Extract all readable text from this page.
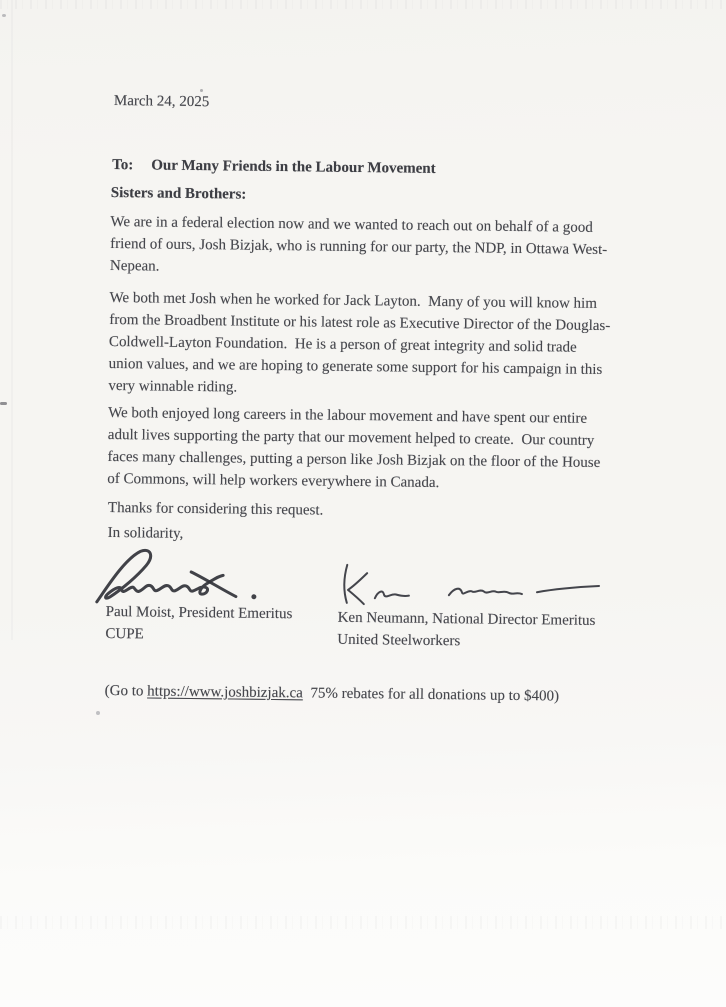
March 24, 2025
To: Our Many Friends in the Labour Movement
Sisters and Brothers:
We are in a federal election now and we wanted to reach out on behalf of a good
friend of ours, Josh Bizjak, who is running for our party, the NDP, in Ottawa West-
Nepean.
We both met Josh when he worked for Jack Layton.  Many of you will know him
from the Broadbent Institute or his latest role as Executive Director of the Douglas-
Coldwell-Layton Foundation.  He is a person of great integrity and solid trade
union values, and we are hoping to generate some support for his campaign in this
very winnable riding.
We both enjoyed long careers in the labour movement and have spent our entire
adult lives supporting the party that our movement helped to create.  Our country
faces many challenges, putting a person like Josh Bizjak on the floor of the House
of Commons, will help workers everywhere in Canada.
Thanks for considering this request.
In solidarity,
Paul Moist, President Emeritus
CUPE
Ken Neumann, National Director Emeritus
United Steelworkers
(Go to https://www.joshbizjak.ca  75% rebates for all donations up to $400)
